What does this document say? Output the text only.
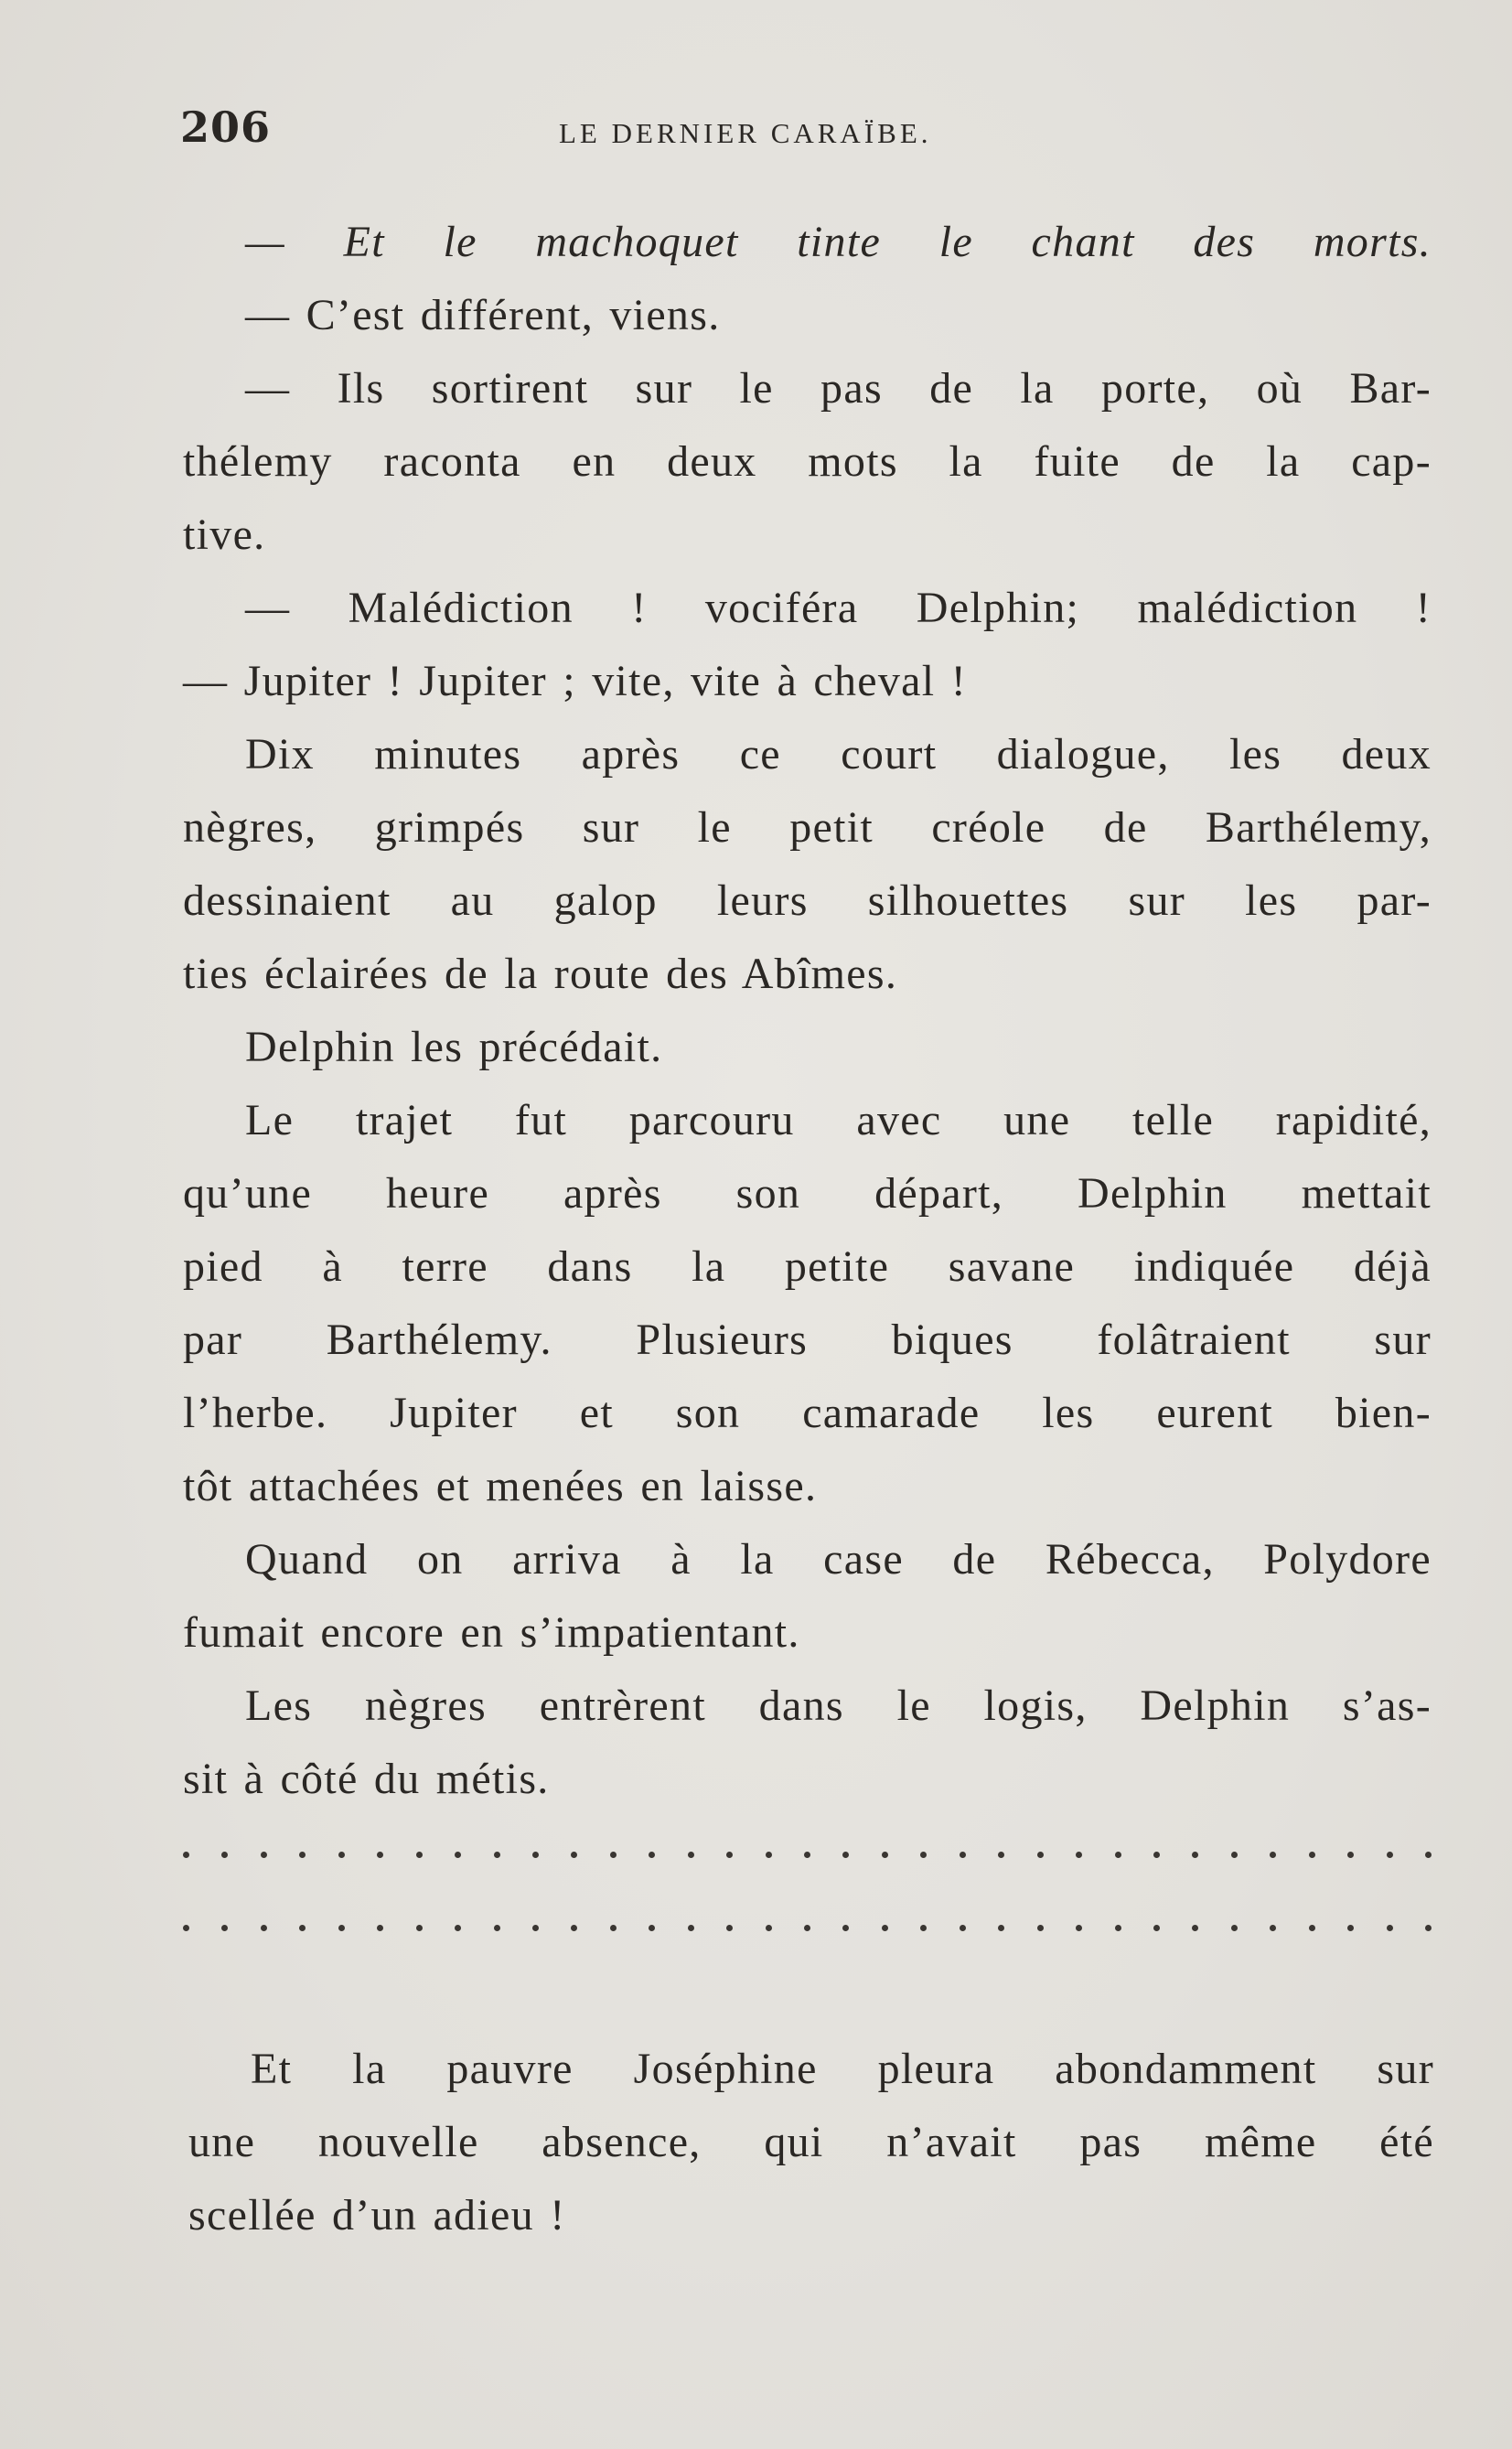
206	LE DERNIER CARAÏBE.
— Et le machoquet tinte le chant des morts.
— C’est différent, viens.
— Ils sortirent sur le pas de la porte, où Bar-
thélemy raconta en deux mots la fuite de la cap-
tive.
— Malédiction ! vociféra Delphin; malédiction !
— Jupiter ! Jupiter ; vite, vite à cheval !
Dix minutes après ce court dialogue, les deux
nègres, grimpés sur le petit créole de Barthélemy,
dessinaient au galop leurs silhouettes sur les par-
ties éclairées de la route des Abîmes.
Delphin les précédait.
Le trajet fut parcouru avec une telle rapidité,
qu’une heure après son départ, Delphin mettait
pied à terre dans la petite savane indiquée déjà
par Barthélemy. Plusieurs biques folâtraient sur
l’herbe. Jupiter et son camarade les eurent bien-
tôt attachées et menées en laisse.
Quand on arriva à la case de Rébecca, Polydore
fumait encore en s’impatientant.
Les nègres entrèrent dans le logis, Delphin s’as-
sit à côté du métis.
Et la pauvre Joséphine pleura abondamment sur
une nouvelle absence, qui n’avait pas même été
scellée d’un adieu !
